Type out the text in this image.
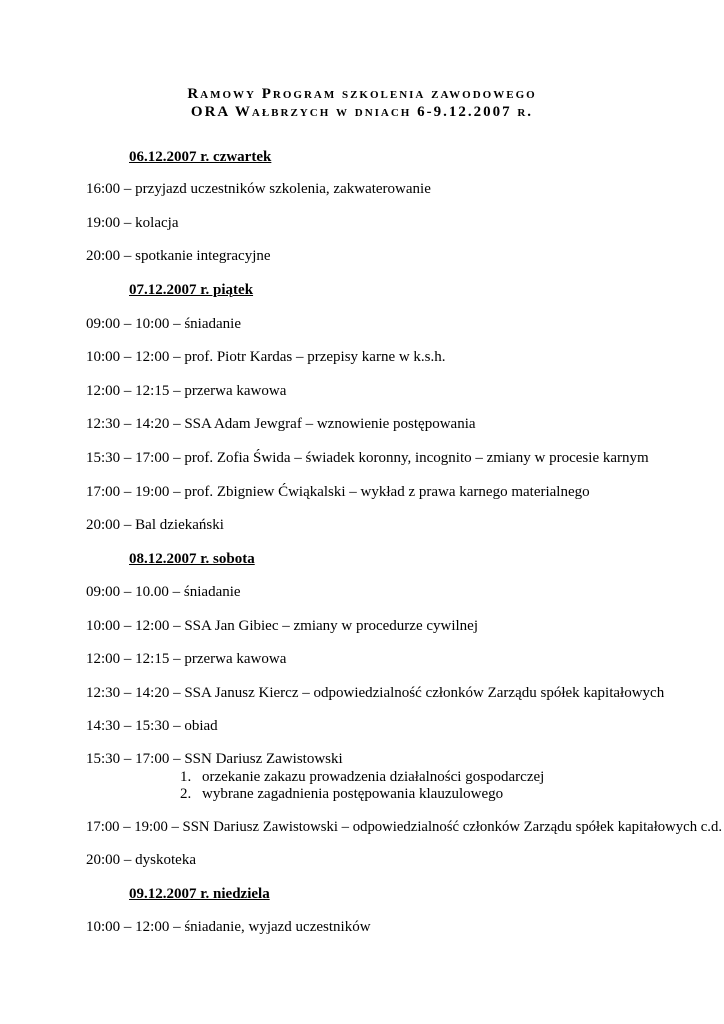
Ramowy Program szkolenia zawodowego
ORA Wałbrzych w dniach 6-9.12.2007 r.
06.12.2007 r. czwartek
16:00 – przyjazd uczestników szkolenia, zakwaterowanie
19:00 – kolacja
20:00 – spotkanie integracyjne
07.12.2007 r. piątek
09:00 – 10:00 – śniadanie
10:00 – 12:00 – prof. Piotr Kardas – przepisy karne w k.s.h.
12:00 – 12:15 – przerwa kawowa
12:30 – 14:20 – SSA Adam Jewgraf – wznowienie postępowania
15:30 – 17:00 – prof. Zofia Świda – świadek koronny, incognito – zmiany w procesie karnym
17:00 – 19:00 – prof. Zbigniew Ćwiąkalski – wykład z prawa karnego materialnego
20:00 – Bal dziekański
08.12.2007 r. sobota
09:00 – 10.00 – śniadanie
10:00 – 12:00 – SSA Jan Gibiec – zmiany w procedurze cywilnej
12:00 – 12:15 – przerwa kawowa
12:30 – 14:20 – SSA Janusz Kiercz – odpowiedzialność członków Zarządu spółek kapitałowych
14:30 – 15:30 – obiad
15:30 – 17:00 – SSN Dariusz Zawistowski
1. orzekanie zakazu prowadzenia działalności gospodarczej
2. wybrane zagadnienia postępowania klauzulowego
17:00 – 19:00 – SSN Dariusz Zawistowski – odpowiedzialność członków Zarządu spółek kapitałowych c.d.
20:00 – dyskoteka
09.12.2007 r. niedziela
10:00 – 12:00 – śniadanie, wyjazd uczestników
